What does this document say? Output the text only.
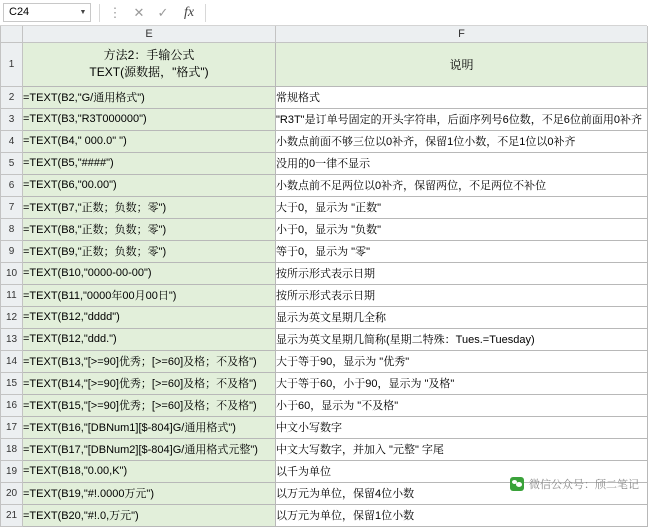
C24	▼ ⋮ ✕ ✓ fx
	E	F
1	方法2：手输公式
TEXT(源数据，"格式")	说明
2	=TEXT(B2,"G/通用格式")	常规格式
3	=TEXT(B3,"R3T000000")	"R3T"是订单号固定的开头字符串，后面序列号6位数，不足6位前面用0补齐
4	=TEXT(B4," 000.0" ")	小数点前面不够三位以0补齐，保留1位小数，不足1位以0补齐
5	=TEXT(B5,"####")	没用的0一律不显示
6	=TEXT(B6,"00.00")	小数点前不足两位以0补齐，保留两位，不足两位不补位
7	=TEXT(B7,"正数；负数；零")	大于0，显示为 "正数"
8	=TEXT(B8,"正数；负数；零")	小于0，显示为 "负数"
9	=TEXT(B9,"正数；负数；零")	等于0，显示为 "零"
10	=TEXT(B10,"0000-00-00")	按所示形式表示日期
11	=TEXT(B11,"0000年00月00日")	按所示形式表示日期
12	=TEXT(B12,"dddd")	显示为英文星期几全称
13	=TEXT(B12,"ddd.")	显示为英文星期几简称(星期二特殊：Tues.=Tuesday)
14	=TEXT(B13,"[>=90]优秀；[>=60]及格；不及格")	大于等于90，显示为 "优秀"
15	=TEXT(B14,"[>=90]优秀；[>=60]及格；不及格")	大于等于60，小于90，显示为 "及格"
16	=TEXT(B15,"[>=90]优秀；[>=60]及格；不及格")	小于60，显示为 "不及格"
17	=TEXT(B16,"[DBNum1][$-804]G/通用格式")	中文小写数字
18	=TEXT(B17,"[DBNum2][$-804]G/通用格式元整")	中文大写数字，并加入 "元整" 字尾
19	=TEXT(B18,"0.00,K")	以千为单位
20	=TEXT(B19,"#!.0000万元")	以万元为单位，保留4位小数
21	=TEXT(B20,"#!.0,万元")	以万元为单位，保留1位小数
微信公众号：颀二笔记
